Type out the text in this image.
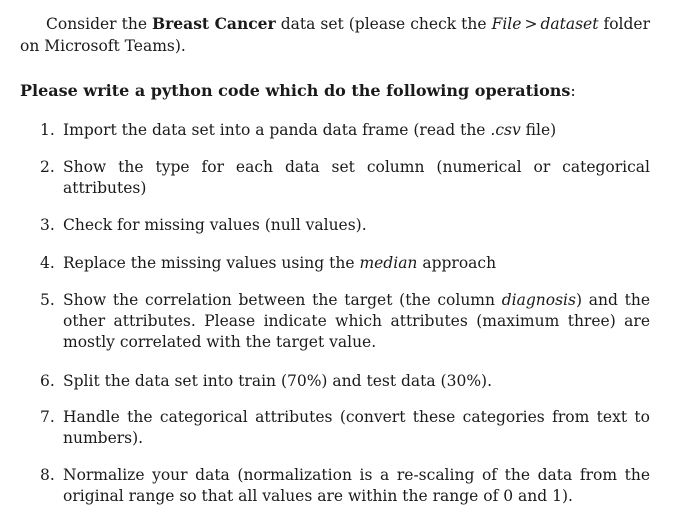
Consider the Breast Cancer data set (please check the File > dataset folder on Microsoft Teams).

Please write a python code which do the following operations:

1. Import the data set into a panda data frame (read the .csv file)
2. Show the type for each data set column (numerical or categorical attributes)
3. Check for missing values (null values).
4. Replace the missing values using the median approach
5. Show the correlation between the target (the column diagnosis) and the other attributes. Please indicate which attributes (maximum three) are mostly correlated with the target value.
6. Split the data set into train (70%) and test data (30%).
7. Handle the categorical attributes (convert these categories from text to numbers).
8. Normalize your data (normalization is a re-scaling of the data from the original range so that all values are within the range of 0 and 1).
